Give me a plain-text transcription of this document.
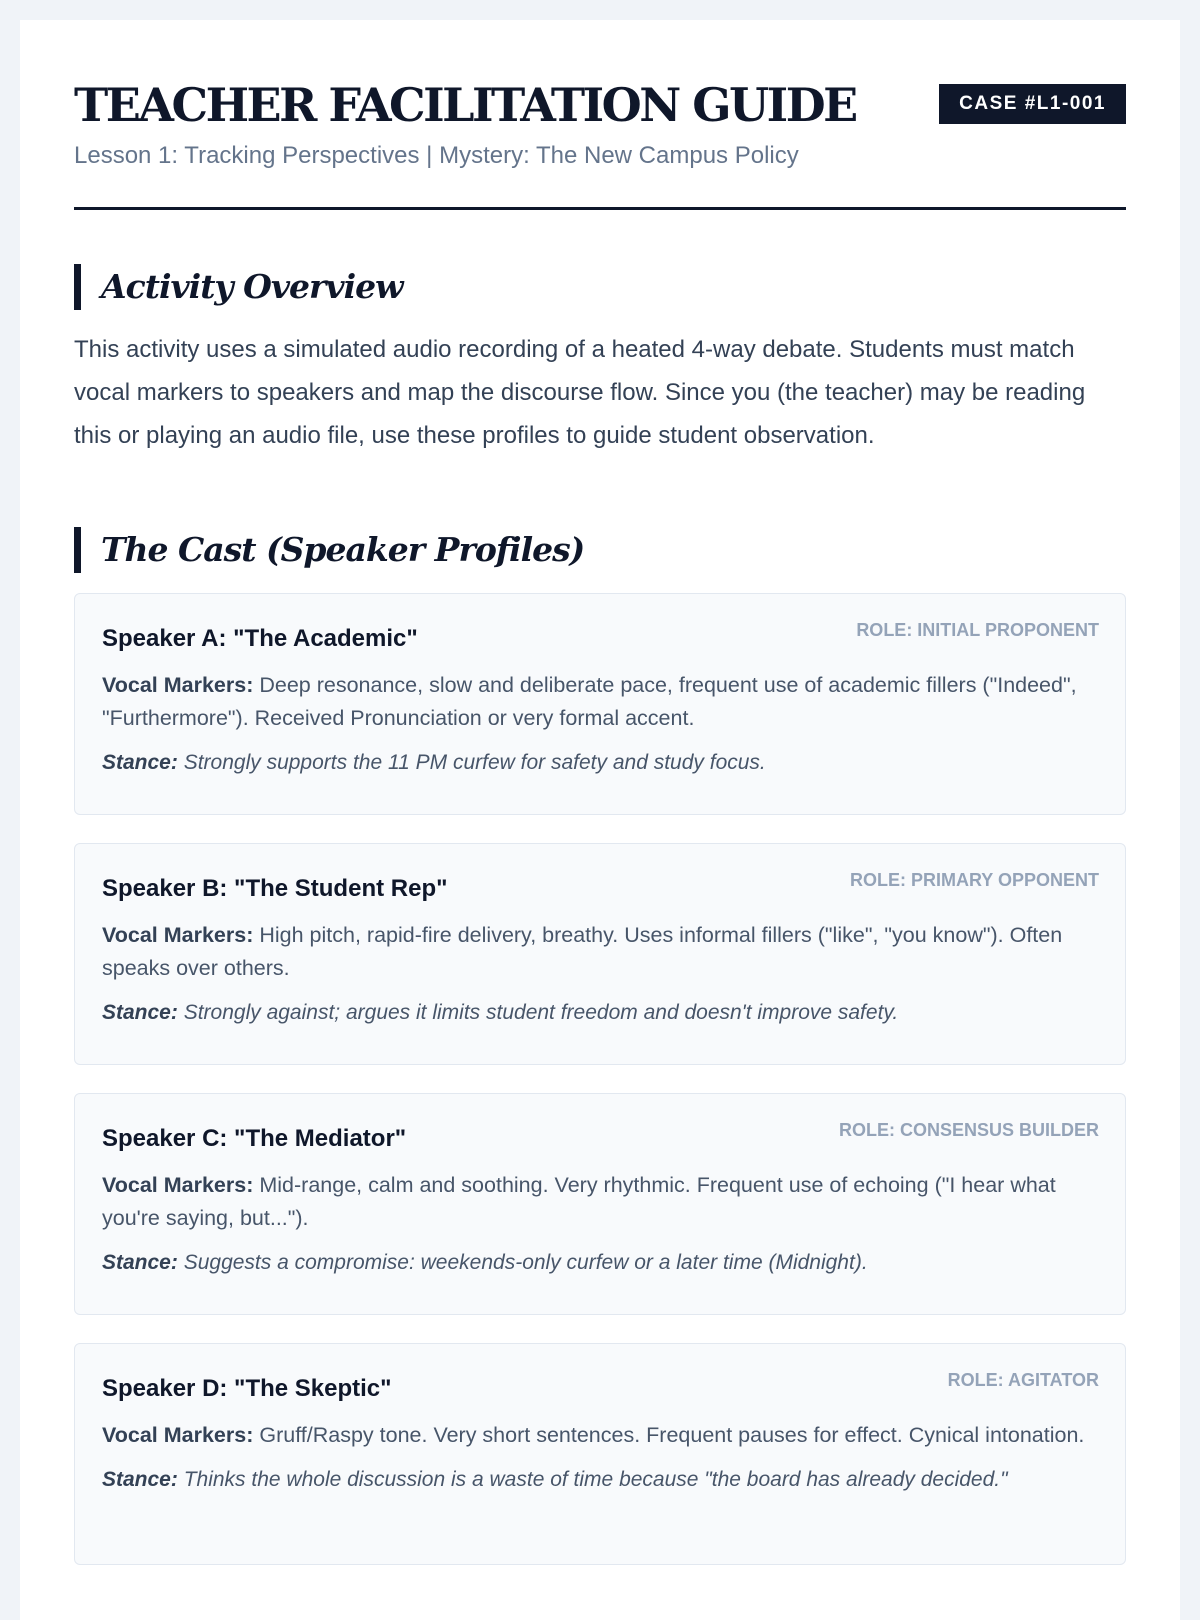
TEACHER FACILITATION GUIDE
Lesson 1: Tracking Perspectives | Mystery: The New Campus Policy
CASE #L1-001
Activity Overview

This activity uses a simulated audio recording of a heated 4-way debate. Students must match vocal markers to speakers and map the discourse flow. Since you (the teacher) may be reading this or playing an audio file, use these profiles to guide student observation.

The Cast (Speaker Profiles)
Speaker A: "The Academic"	ROLE: INITIAL PROPONENT
Vocal Markers: Deep resonance, slow and deliberate pace, frequent use of academic fillers ("Indeed", "Furthermore"). Received Pronunciation or very formal accent.
Stance: Strongly supports the 11 PM curfew for safety and study focus.
Speaker B: "The Student Rep"	ROLE: PRIMARY OPPONENT
Vocal Markers: High pitch, rapid-fire delivery, breathy. Uses informal fillers ("like", "you know"). Often speaks over others.
Stance: Strongly against; argues it limits student freedom and doesn't improve safety.
Speaker C: "The Mediator"	ROLE: CONSENSUS BUILDER
Vocal Markers: Mid-range, calm and soothing. Very rhythmic. Frequent use of echoing ("I hear what you're saying, but...").
Stance: Suggests a compromise: weekends-only curfew or a later time (Midnight).
Speaker D: "The Skeptic"	ROLE: AGITATOR
Vocal Markers: Gruff/Raspy tone. Very short sentences. Frequent pauses for effect. Cynical intonation.
Stance: Thinks the whole discussion is a waste of time because "the board has already decided."
